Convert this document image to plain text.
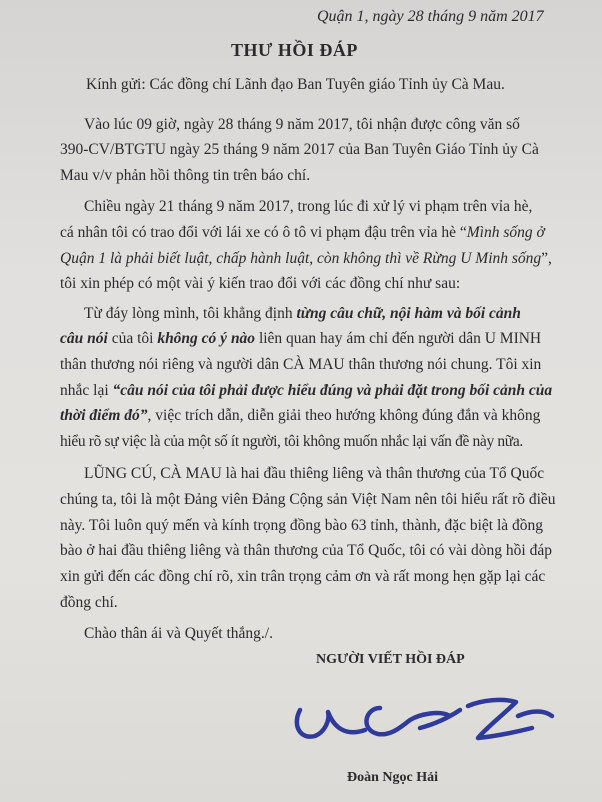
Quận 1, ngày 28 tháng 9 năm 2017
THƯ HỒI ĐÁP
Kính gửi: Các đồng chí Lãnh đạo Ban Tuyên giáo Tỉnh ủy Cà Mau.
Vào lúc 09 giờ, ngày 28 tháng 9 năm 2017, tôi nhận được công văn số
390-CV/BTGTU ngày 25 tháng 9 năm 2017 của Ban Tuyên Giáo Tỉnh ủy Cà
Mau v/v phản hồi thông tin trên báo chí.
Chiều ngày 21 tháng 9 năm 2017, trong lúc đi xử lý vi phạm trên vỉa hè,
cá nhân tôi có trao đổi với lái xe có ô tô vi phạm đậu trên vỉa hè “Mình sống ở
Quận 1 là phải biết luật, chấp hành luật, còn không thì về Rừng U Minh sống”,
tôi xin phép có một vài ý kiến trao đổi với các đồng chí như sau:
Từ đáy lòng mình, tôi khẳng định từng câu chữ, nội hàm và bối cảnh
câu nói của tôi không có ý nào liên quan hay ám chỉ đến người dân U MINH
thân thương nói riêng và người dân CÀ MAU thân thương nói chung. Tôi xin
nhắc lại “câu nói của tôi phải được hiểu đúng và phải đặt trong bối cảnh của
thời điểm đó”, việc trích dẫn, diễn giải theo hướng không đúng đắn và không
hiểu rõ sự việc là của một số ít người, tôi không muốn nhắc lại vấn đề này nữa.
LŨNG CÚ, CÀ MAU là hai đầu thiêng liêng và thân thương của Tổ Quốc
chúng ta, tôi là một Đảng viên Đảng Cộng sản Việt Nam nên tôi hiểu rất rõ điều
này. Tôi luôn quý mến và kính trọng đồng bào 63 tỉnh, thành, đặc biệt là đồng
bào ở hai đầu thiêng liêng và thân thương của Tổ Quốc, tôi có vài dòng hồi đáp
xin gửi đến các đồng chí rõ, xin trân trọng cảm ơn và rất mong hẹn gặp lại các
đồng chí.
Chào thân ái và Quyết thắng./.
NGƯỜI VIẾT HỒI ĐÁP
Đoàn Ngọc Hải
